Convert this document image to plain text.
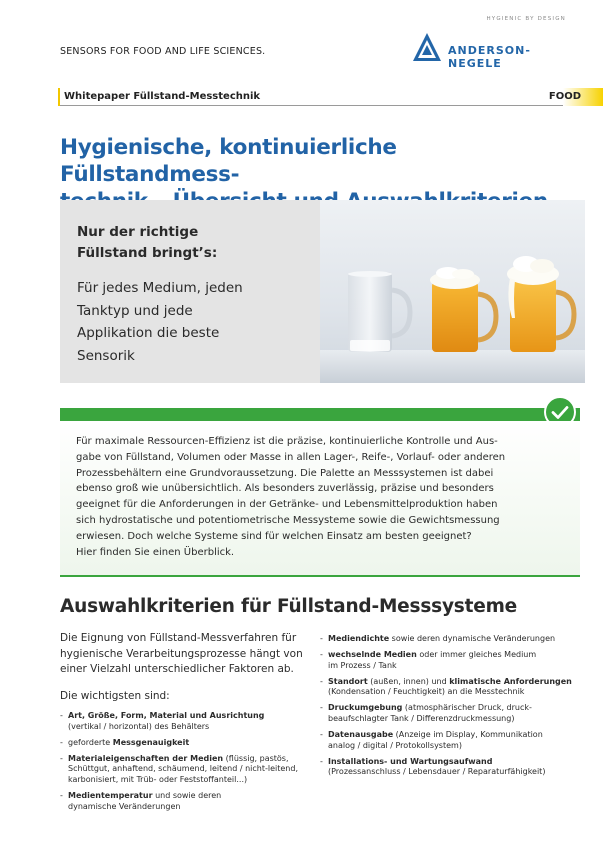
SENSORS FOR FOOD AND LIFE SCIENCES.
HYGIENIC BY DESIGN
ANDERSON-NEGELE
Whitepaper Füllstand-Messtechnik	FOOD
Hygienische, kontinuierliche Füllstandmess-
Nur der richtige
Füllstand bringt’s:
Für jedes Medium, jeden
Tanktyp und jede
Applikation die beste
Sensorik
Für maximale Ressourcen-Effizienz ist die präzise, kontinuierliche Kontrolle und Aus-
gabe von Füllstand, Volumen oder Masse in allen Lager-, Reife-, Vorlauf- oder anderen
Prozessbehältern eine Grundvoraussetzung. Die Palette an Messsystemen ist dabei
ebenso groß wie unübersichtlich. Als besonders zuverlässig, präzise und besonders
geeignet für die Anforderungen in der Getränke- und Lebensmittelproduktion haben
sich hydrostatische und potentiometrische Messysteme sowie die Gewichtsmessung
erwiesen. Doch welche Systeme sind für welchen Einsatz am besten geeignet?
Hier finden Sie einen Überblick.
Auswahlkriterien für Füllstand-Messsysteme
Die Eignung von Füllstand-Messverfahren für
hygienische Verarbeitungsprozesse hängt von
einer Vielzahl unterschiedlicher Faktoren ab.
Die wichtigsten sind:
- Art, Größe, Form, Material und Ausrichtung
(vertikal / horizontal) des Behälters
- geforderte Messgenauigkeit
- Materialeigenschaften der Medien (flüssig, pastös,
Schüttgut, anhaftend, schäumend, leitend / nicht-leitend,
karbonisiert, mit Trüb- oder Feststoffanteil...)
- Medientemperatur und sowie deren
dynamische Veränderungen
- Mediendichte sowie deren dynamische Veränderungen
- wechselnde Medien oder immer gleiches Medium
im Prozess / Tank
- Standort (außen, innen) und klimatische Anforderungen
(Kondensation / Feuchtigkeit) an die Messtechnik
- Druckumgebung (atmosphärischer Druck, druck-
beaufschlagter Tank / Differenzdruckmessung)
- Datenausgabe (Anzeige im Display, Kommunikation
analog / digital / Protokollsystem)
- Installations- und Wartungsaufwand
(Prozessanschluss / Lebensdauer / Reparaturfähigkeit)
